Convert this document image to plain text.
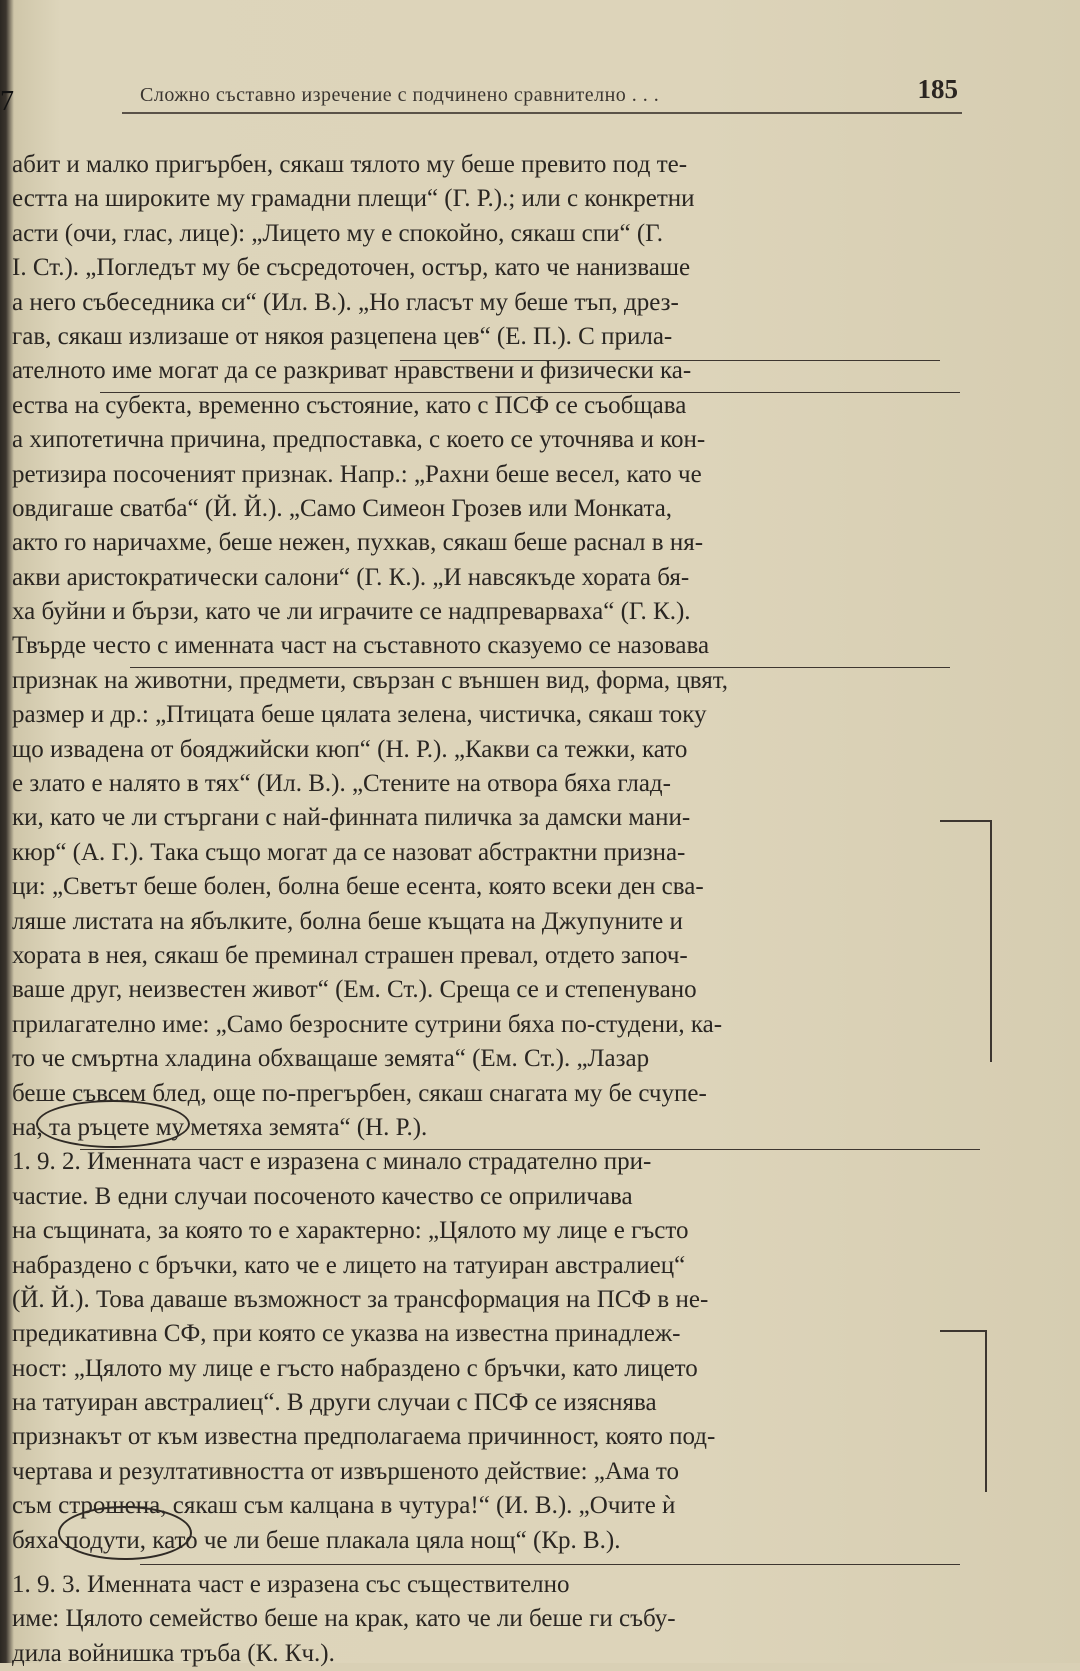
7	Сложно съставно изречение с подчинено сравнително . . .	185
абит и малко пригърбен, сякаш тялото му беше превито под те-
естта на широките му грамадни плещи“ (Г. Р.).; или с конкретни
асти (очи, глас, лице): „Лицето му е спокойно, сякаш спи“ (Г.
I. Ст.). „Погледът му бе съсредоточен, остър, като че нанизваше
а него събеседника си“ (Ил. В.). „Но гласът му беше тъп, дрез-
гав, сякаш излизаше от някоя разцепена цев“ (Е. П.). С прила-
ателното име могат да се разкриват нравствени и физически ка-
ества на субекта, временно състояние, като с ПСФ се съобщава
а хипотетична причина, предпоставка, с което се уточнява и кон-
ретизира посоченият признак. Напр.: „Рахни беше весел, като че
овдигаше сватба“ (Й. Й.). „Само Симеон Грозев или Монката,
акто го наричахме, беше нежен, пухкав, сякаш беше раснал в ня-
акви аристократически салони“ (Г. К.). „И навсякъде хората бя-
ха буйни и бързи, като че ли играчите се надпреварваха“ (Г. К.).
Твърде често с именната част на съставното сказуемо се назовава
признак на животни, предмети, свързан с външен вид, форма, цвят,
размер и др.: „Птицата беше цялата зелена, чистичка, сякаш току
що извадена от бояджийски кюп“ (Н. Р.). „Какви са тежки, като
е злато е налято в тях“ (Ил. В.). „Стените на отвора бяха глад-
ки, като че ли стъргани с най-финната пиличка за дамски мани-
кюр“ (А. Г.). Така също могат да се назоват абстрактни призна-
ци: „Светът беше болен, болна беше есента, която всеки ден сва-
ляше листата на ябълките, болна беше къщата на Джупуните и
хората в нея, сякаш бе преминал страшен превал, отдето започ-
ваше друг, неизвестен живот“ (Ем. Ст.). Среща се и степенувано
прилагателно име: „Само безросните сутрини бяха по-студени, ка-
то че смъртна хладина обхващаше земята“ (Ем. Ст.). „Лазар
беше съвсем блед, още по-прегърбен, сякаш снагата му бе счупе-
на, та ръцете му метяха земята“ (Н. Р.).
1. 9. 2. Именната част е изразена с минало страдателно при-
частие. В едни случаи посоченото качество се оприличава
на същината, за която то е характерно: „Цялото му лице е гъсто
набраздено с бръчки, като че е лицето на татуиран австралиец“
(Й. Й.). Това даваше възможност за трансформация на ПСФ в не-
предикативна СФ, при която се указва на известна принадлеж-
ност: „Цялото му лице е гъсто набраздено с бръчки, като лицето
на татуиран австралиец“. В други случаи с ПСФ се изяснява
признакът от към известна предполагаема причинност, която под-
чертава и резултативността от извършеното действие: „Ама то
съм строшена, сякаш съм калцана в чутура!“ (И. В.). „Очите ѝ
бяха подути, като че ли беше плакала цяла нощ“ (Кр. В.).
1. 9. 3. Именната част е изразена със съществително
име: Цялото семейство беше на крак, като че ли беше ги събу-
дила войнишка тръба (К. Кч.).
